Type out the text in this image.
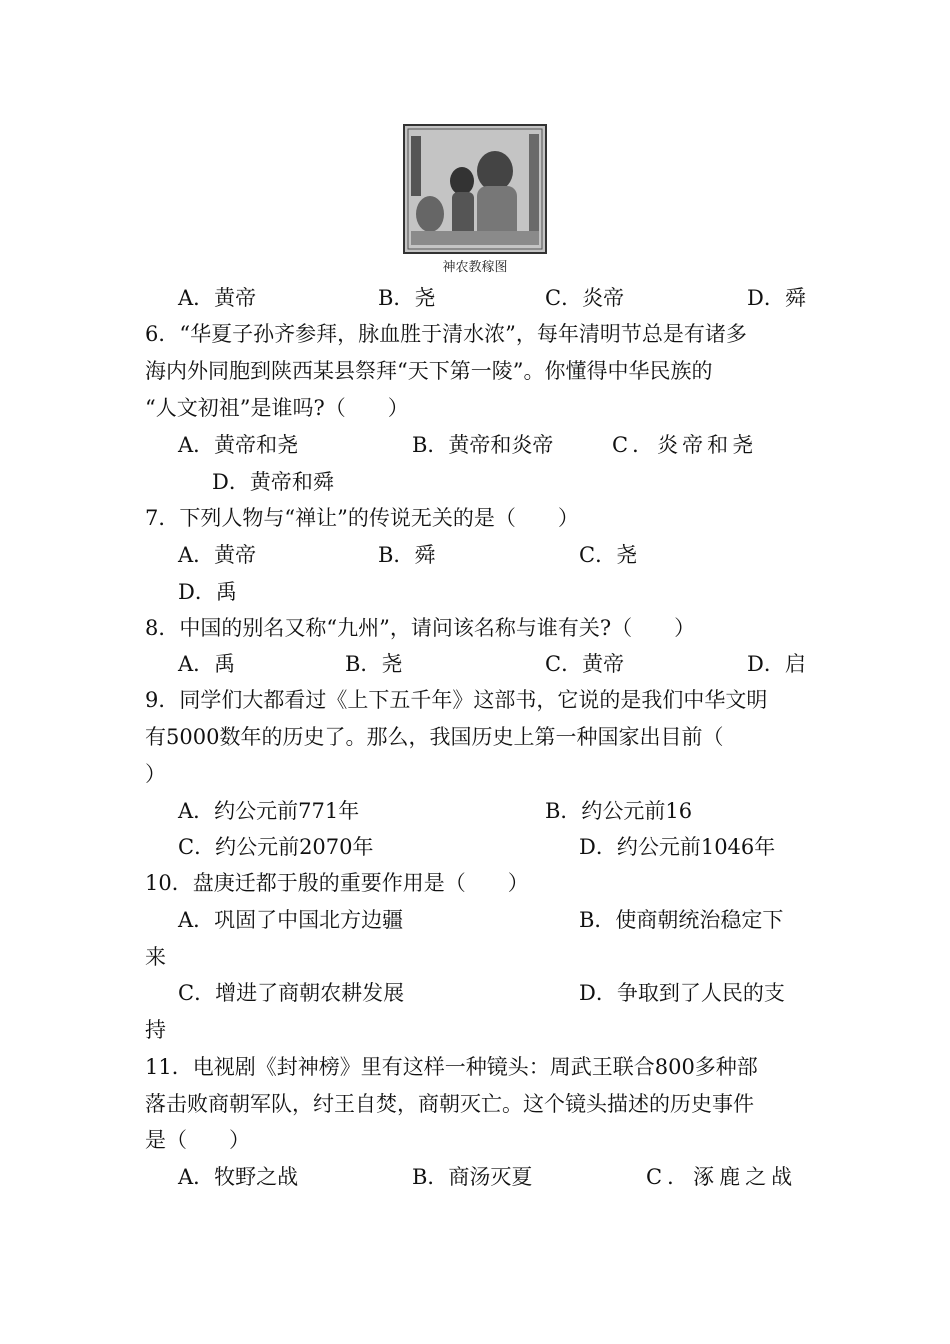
神农教稼图
A．黄帝	B．尧	C．炎帝	D．舜
6．“华夏子孙齐参拜，脉血胜于清水浓”，每年清明节总是有诸多
海内外同胞到陕西某县祭拜“天下第一陵”。你懂得中华民族的
“人文初祖”是谁吗?（　　）
A．黄帝和尧	B．黄帝和炎帝	C．炎帝和尧
D．黄帝和舜
7．下列人物与“禅让”的传说无关的是（　　）
A．黄帝	B．舜	C．尧
D．禹
8．中国的别名又称“九州”，请问该名称与谁有关?（　　）
A．禹	B．尧	C．黄帝	D．启
9．同学们大都看过《上下五千年》这部书，它说的是我们中华文明
有5000数年的历史了。那么，我国历史上第一种国家出目前（
）
A．约公元前771年	B．约公元前16
C．约公元前2070年	D．约公元前1046年
10．盘庚迁都于殷的重要作用是（　　）
A．巩固了中国北方边疆	B．使商朝统治稳定下
来
C．增进了商朝农耕发展	D．争取到了人民的支
持
11．电视剧《封神榜》里有这样一种镜头：周武王联合800多种部
落击败商朝军队，纣王自焚，商朝灭亡。这个镜头描述的历史事件
是（　　）
A．牧野之战	B．商汤灭夏	C．涿鹿之战
